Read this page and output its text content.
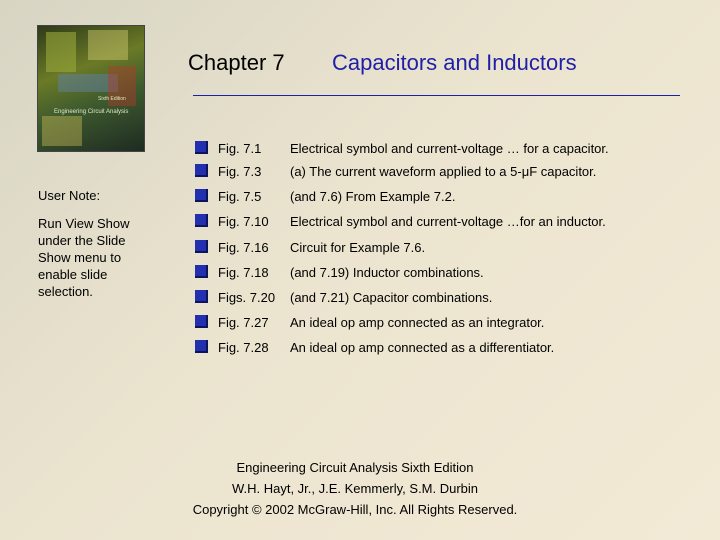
Sixth Edition
Engineering Circuit Analysis
Chapter 7 Capacitors and Inductors
User Note:
Run View Show under the Slide Show menu to enable slide selection.
Fig. 7.1 Electrical symbol and current-voltage … for a capacitor.
Fig. 7.3 (a) The current waveform applied to a 5-μF capacitor.
Fig. 7.5 (and 7.6) From Example 7.2.
Fig. 7.10 Electrical symbol and current-voltage …for an inductor.
Fig. 7.16 Circuit for Example 7.6.
Fig. 7.18 (and 7.19) Inductor combinations.
Figs. 7.20 (and 7.21) Capacitor combinations.
Fig. 7.27 An ideal op amp connected as an integrator.
Fig. 7.28 An ideal op amp connected as a differentiator.
Engineering Circuit Analysis Sixth Edition
W.H. Hayt, Jr., J.E. Kemmerly, S.M. Durbin
Copyright © 2002 McGraw-Hill, Inc. All Rights Reserved.
